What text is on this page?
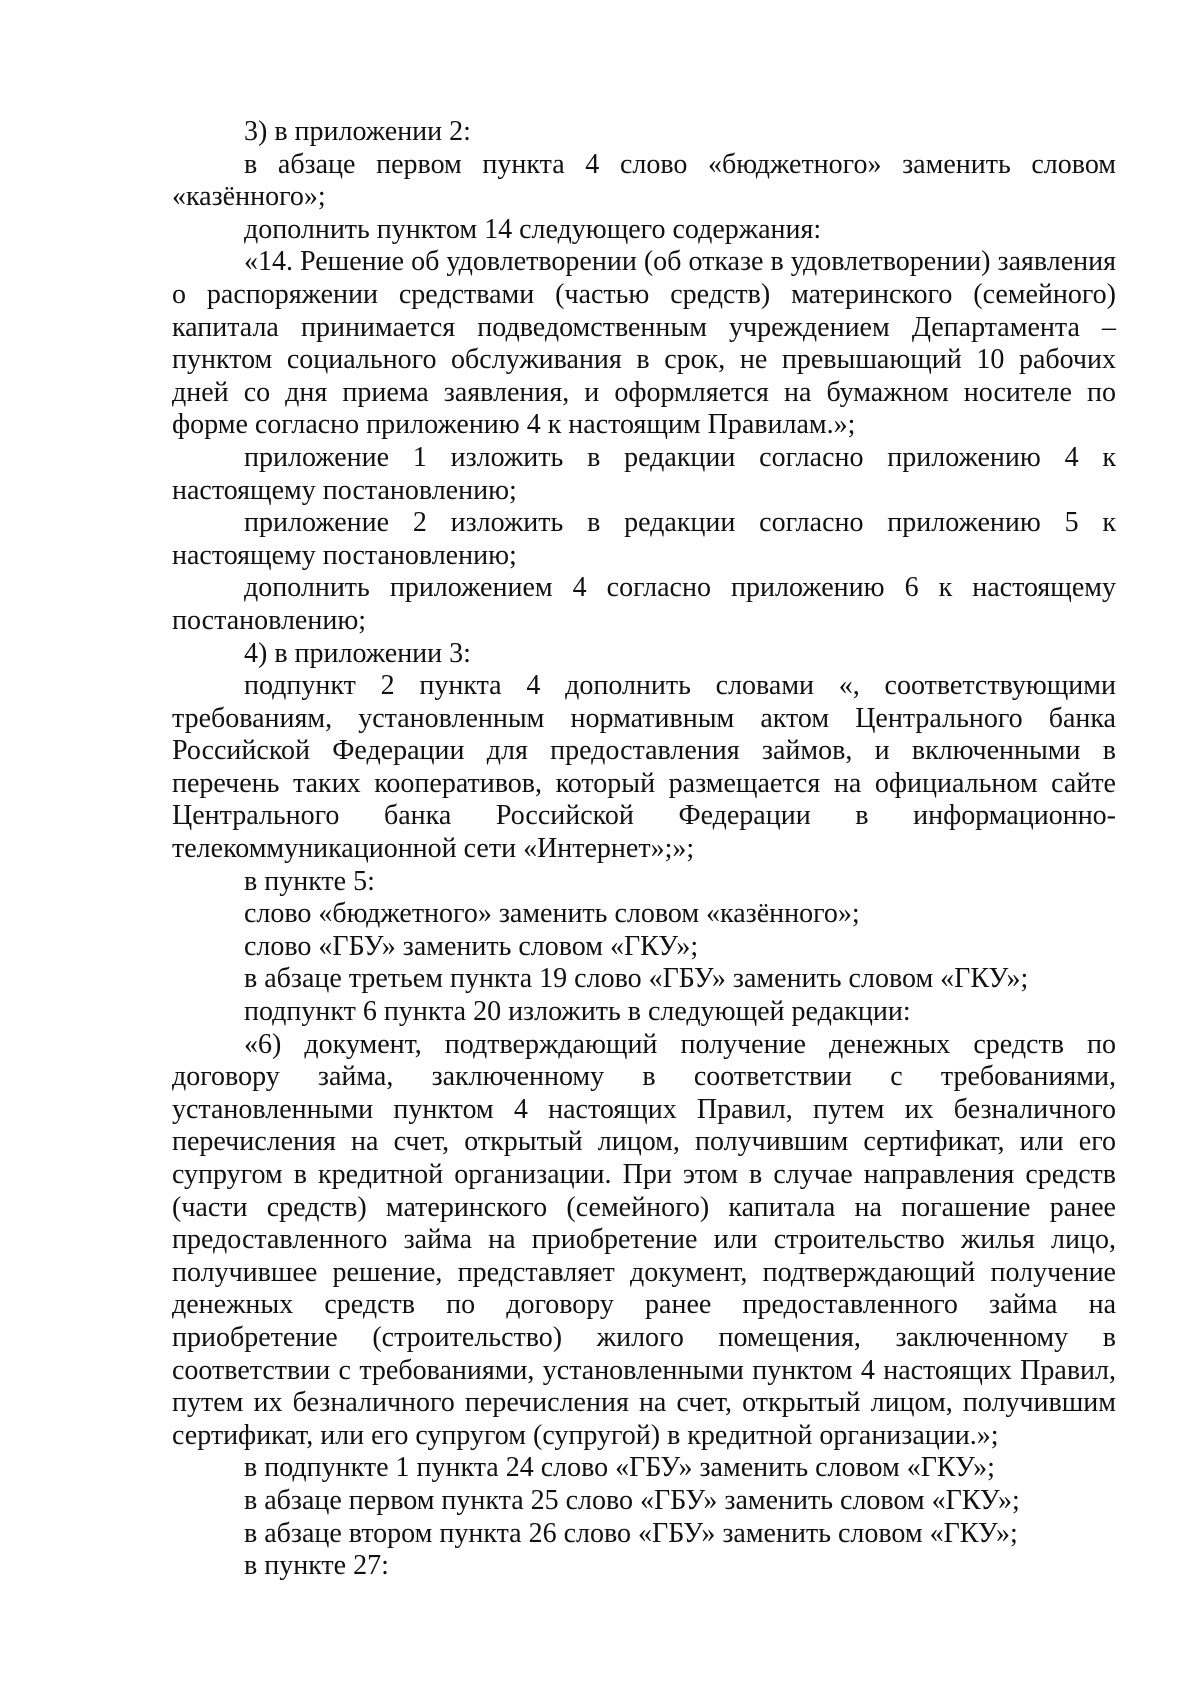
3) в приложении 2:

в абзаце первом пункта 4 слово «бюджетного» заменить словом «казённого»;

дополнить пунктом 14 следующего содержания:

«14. Решение об удовлетворении (об отказе в удовлетворении) заявления о распоряжении средствами (частью средств) материнского (семейного) капитала принимается подведомственным учреждением Департамента –пунктом социального обслуживания в срок, не превышающий 10 рабочих дней со дня приема заявления, и оформляется на бумажном носителе по форме согласно приложению 4 к настоящим Правилам.»;

приложение 1 изложить в редакции согласно приложению 4 к настоящему постановлению;

приложение 2 изложить в редакции согласно приложению 5 к настоящему постановлению;

дополнить приложением 4 согласно приложению 6 к настоящему постановлению;

4) в приложении 3:

подпункт 2 пункта 4 дополнить словами «, соответствующими требованиям, установленным нормативным актом Центрального банка Российской Федерации для предоставления займов, и включенными в перечень таких кооперативов, который размещается на официальном сайте Центрального банка Российской Федерации в информационно-телекоммуникационной сети «Интернет»;»;

в пункте 5:

слово «бюджетного» заменить словом «казённого»;

слово «ГБУ» заменить словом «ГКУ»;

в абзаце третьем пункта 19 слово «ГБУ» заменить словом «ГКУ»;

подпункт 6 пункта 20 изложить в следующей редакции:

«6) документ, подтверждающий получение денежных средств по договору займа, заключенному в соответствии с требованиями, установленными пунктом 4 настоящих Правил, путем их безналичного перечисления на счет, открытый лицом, получившим сертификат, или его супругом в кредитной организации. При этом в случае направления средств (части средств) материнского (семейного) капитала на погашение ранее предоставленного займа на приобретение или строительство жилья лицо, получившее решение, представляет документ, подтверждающий получение денежных средств по договору ранее предоставленного займа на приобретение (строительство) жилого помещения, заключенному в соответствии с требованиями, установленными пунктом 4 настоящих Правил, путем их безналичного перечисления на счет, открытый лицом, получившим сертификат, или его супругом (супругой) в кредитной организации.»;

в подпункте 1 пункта 24 слово «ГБУ» заменить словом «ГКУ»;

в абзаце первом пункта 25 слово «ГБУ» заменить словом «ГКУ»;

в абзаце втором пункта 26 слово «ГБУ» заменить словом «ГКУ»;

в пункте 27:
